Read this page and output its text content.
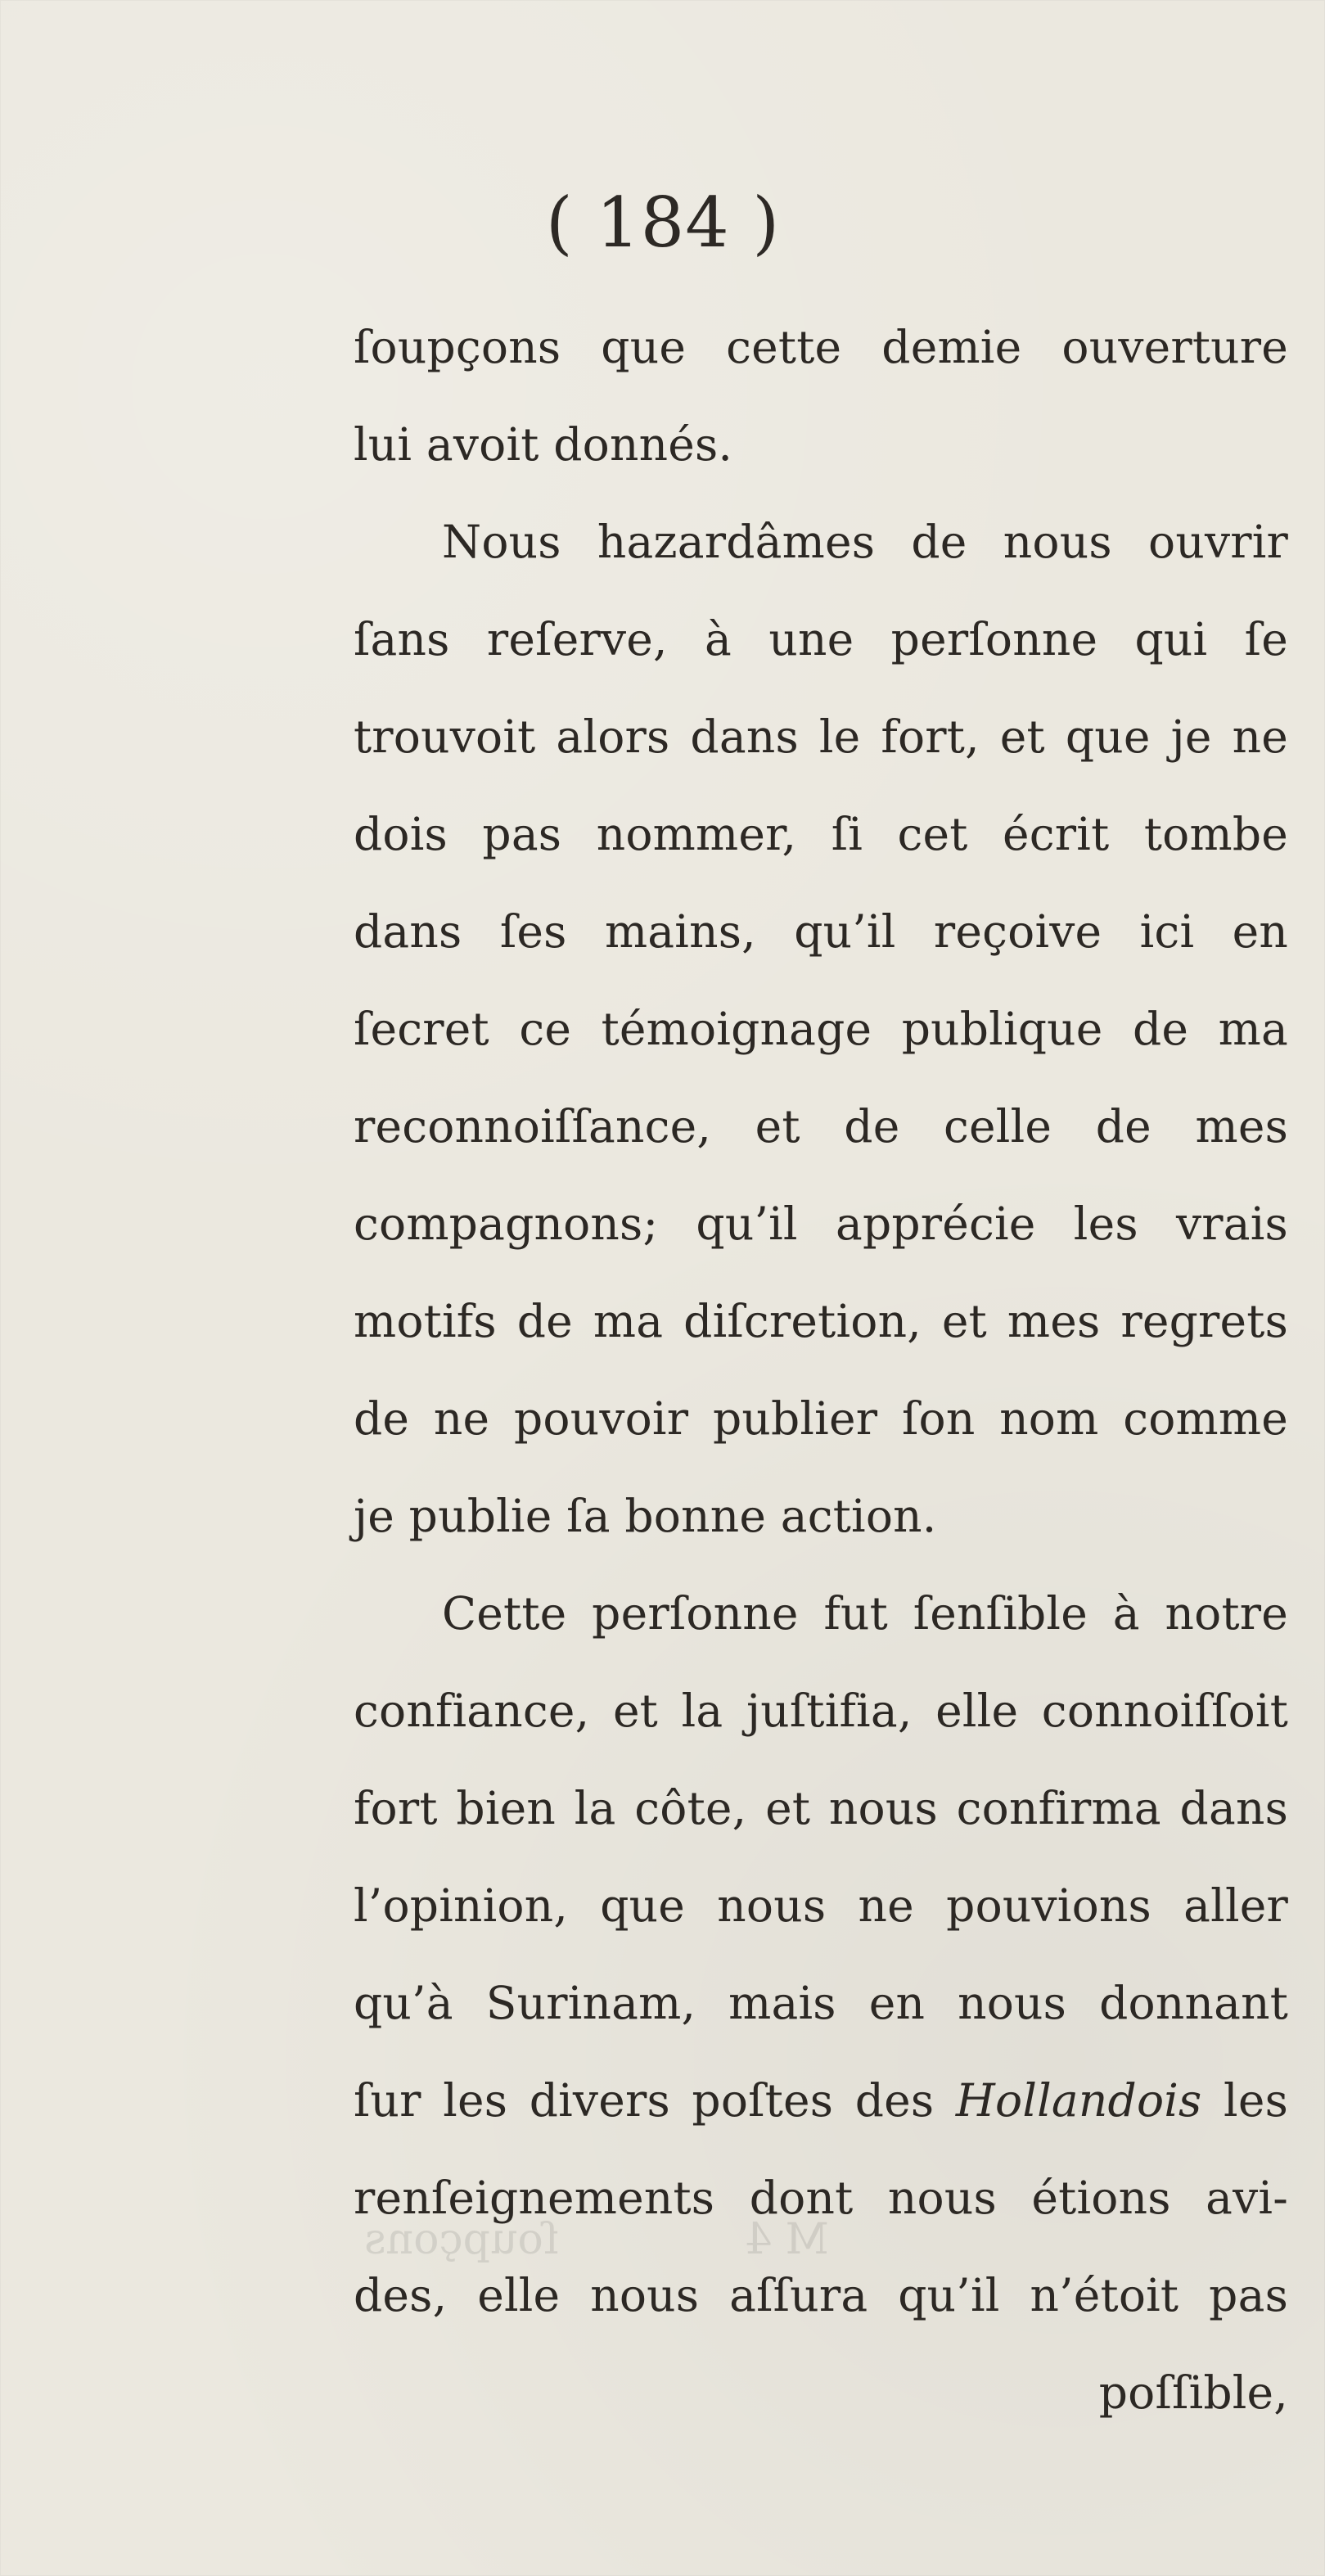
( 184 )
ſoupçons que cette demie ouverture
lui avoit donnés.
Nous hazardâmes de nous ouvrir
ſans reſerve, à une perſonne qui ſe
trouvoit alors dans le fort, et que je ne
dois pas nommer, ſi cet écrit tombe
dans ſes mains, qu’il reçoive ici en
ſecret ce témoignage publique de ma
reconnoiſſance, et de celle de mes
compagnons; qu’il apprécie les vrais
motifs de ma diſcretion, et mes regrets
de ne pouvoir publier ſon nom comme
je publie ſa bonne action.
Cette perſonne fut ſenſible à notre
confiance, et la juſtifia, elle connoiſſoit
fort bien la côte, et nous confirma dans
l’opinion, que nous ne pouvions aller
qu’à Surinam, mais en nous donnant
ſur les divers poſtes des Hollandois les
renſeignements dont nous étions avi-
des, elle nous aſſura qu’il n’étoit pas
poſſible,
ſoupçons	M 4
